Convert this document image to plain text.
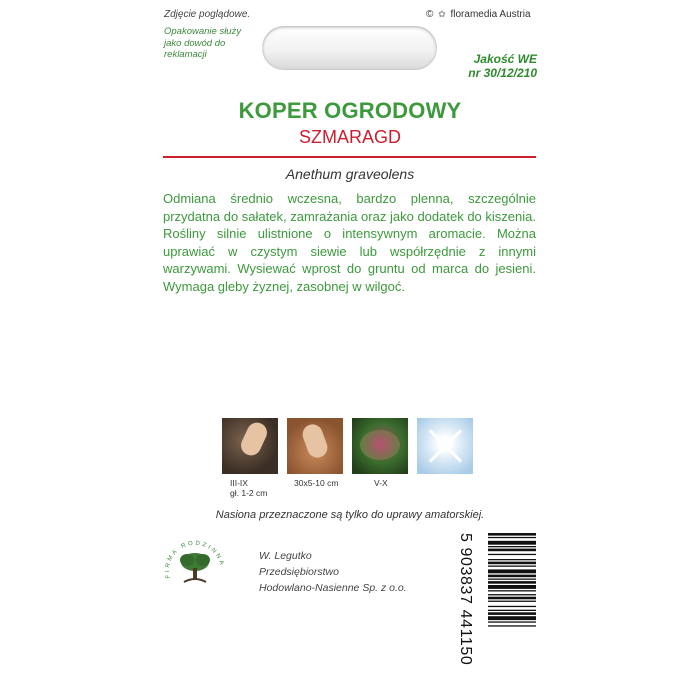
Zdjęcie poglądowe.
Opakowanie służy jako dowód do reklamacji
© ✿ floramedia Austria
Jakość WE
nr 30/12/210
KOPER OGRODOWY
SZMARAGD
Anethum graveolens
Odmiana średnio wczesna, bardzo plenna, szczególnie przydatna do sałatek, zamrażania oraz jako dodatek do kiszenia. Rośliny silnie ulistnione o intensywnym aromacie. Można uprawiać w czystym siewie lub współrzędnie z innymi warzywami. Wysiewać wprost do gruntu od marca do jesieni. Wymaga gleby żyznej, zasobnej w wilgoć.
III-IX
gł. 1-2 cm
30x5-10 cm	V-X
Nasiona przeznaczone są tylko do uprawy amatorskiej.
FIRMA RODZINNA
W. Legutko
Przedsiębiorstwo
Hodowlano-Nasienne Sp. z o.o.	5 903837 441150
